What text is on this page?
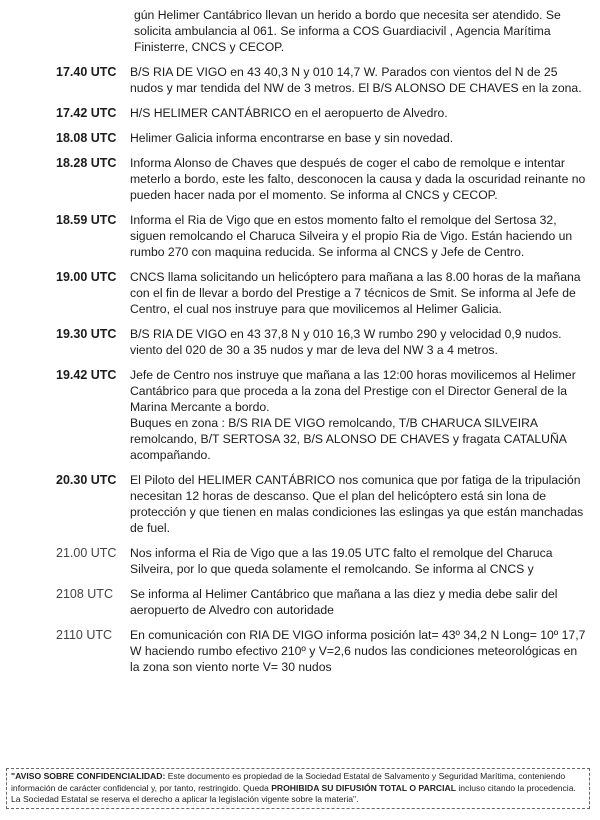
gún Helimer Cantábrico llevan un herido a bordo que necesita ser atendido. Se solicita ambulancia al 061. Se informa a COS Guardiacivil , Agencia Marítima Finisterre, CNCS y CECOP.
17.40 UTC	B/S RIA DE VIGO en 43 40,3 N y 010 14,7 W. Parados con vientos del N de 25 nudos y mar tendida del NW de 3 metros. El B/S ALONSO DE CHAVES en la zona.

17.42 UTC	H/S HELIMER CANTÁBRICO en el aeropuerto de Alvedro.

18.08 UTC	Helimer Galicia informa encontrarse en base y sin novedad.

18.28 UTC	Informa Alonso de Chaves que después de coger el cabo de remolque e intentar meterlo a bordo, este les falto, desconocen la causa y dada la oscuridad reinante no pueden hacer nada por el momento. Se informa al CNCS y CECOP.

18.59 UTC	Informa el Ria de Vigo que en estos momento falto el remolque del Sertosa 32, siguen remolcando el Charuca Silveira y el propio Ria de Vigo. Están haciendo un rumbo 270 con maquina reducida. Se informa al CNCS y Jefe de Centro.

19.00 UTC	CNCS llama solicitando un helicóptero para mañana a las 8.00 horas de la mañana con el fin de llevar a bordo del Prestige a 7 técnicos de Smit. Se informa al Jefe de Centro, el cual nos instruye para que movilicemos al Helimer Galicia.

19.30 UTC	B/S RIA DE VIGO en 43 37,8 N y 010 16,3 W rumbo 290 y velocidad 0,9 nudos. viento del 020 de 30 a 35 nudos y mar de leva del NW 3 a 4 metros.

19.42 UTC	Jefe de Centro nos instruye que mañana a las 12:00 horas movilicemos al Helimer Cantábrico para que proceda a la zona del Prestige con el Director General de la Marina Mercante a bordo.

Buques en zona : B/S RIA DE VIGO remolcando, T/B CHARUCA SILVEIRA remolcando, B/T SERTOSA 32, B/S ALONSO DE CHAVES y fragata CATALUÑA acompañando.

20.30 UTC	El Piloto del HELIMER CANTÁBRICO nos comunica que por fatiga de la tripulación necesitan 12 horas de descanso. Que el plan del helicóptero está sin lona de protección y que tienen en malas condiciones las eslingas ya que están manchadas de fuel.

21.00 UTC	Nos informa el Ria de Vigo que a las 19.05 UTC falto el remolque del Charuca Silveira, por lo que queda solamente el remolcando. Se informa al CNCS y

2108 UTC	Se informa al Helimer Cantábrico que mañana a las diez y media debe salir del aeropuerto de Alvedro con autoridade

2110 UTC	En comunicación con RIA DE VIGO informa posición lat= 43º 34,2 N Long= 10º 17,7 W haciendo rumbo efectivo 210º y V=2,6 nudos las condiciones meteorológicas en la zona son viento norte V= 30 nudos

"AVISO SOBRE CONFIDENCIALIDAD: Este documento es propiedad de la Sociedad Estatal de Salvamento y Seguridad Marítima, conteniendo información de carácter confidencial y, por tanto, restringido. Queda PROHIBIDA SU DIFUSIÓN TOTAL O PARCIAL incluso citando la procedencia. La Sociedad Estatal se reserva el derecho a aplicar la legislación vigente sobre la materia".
